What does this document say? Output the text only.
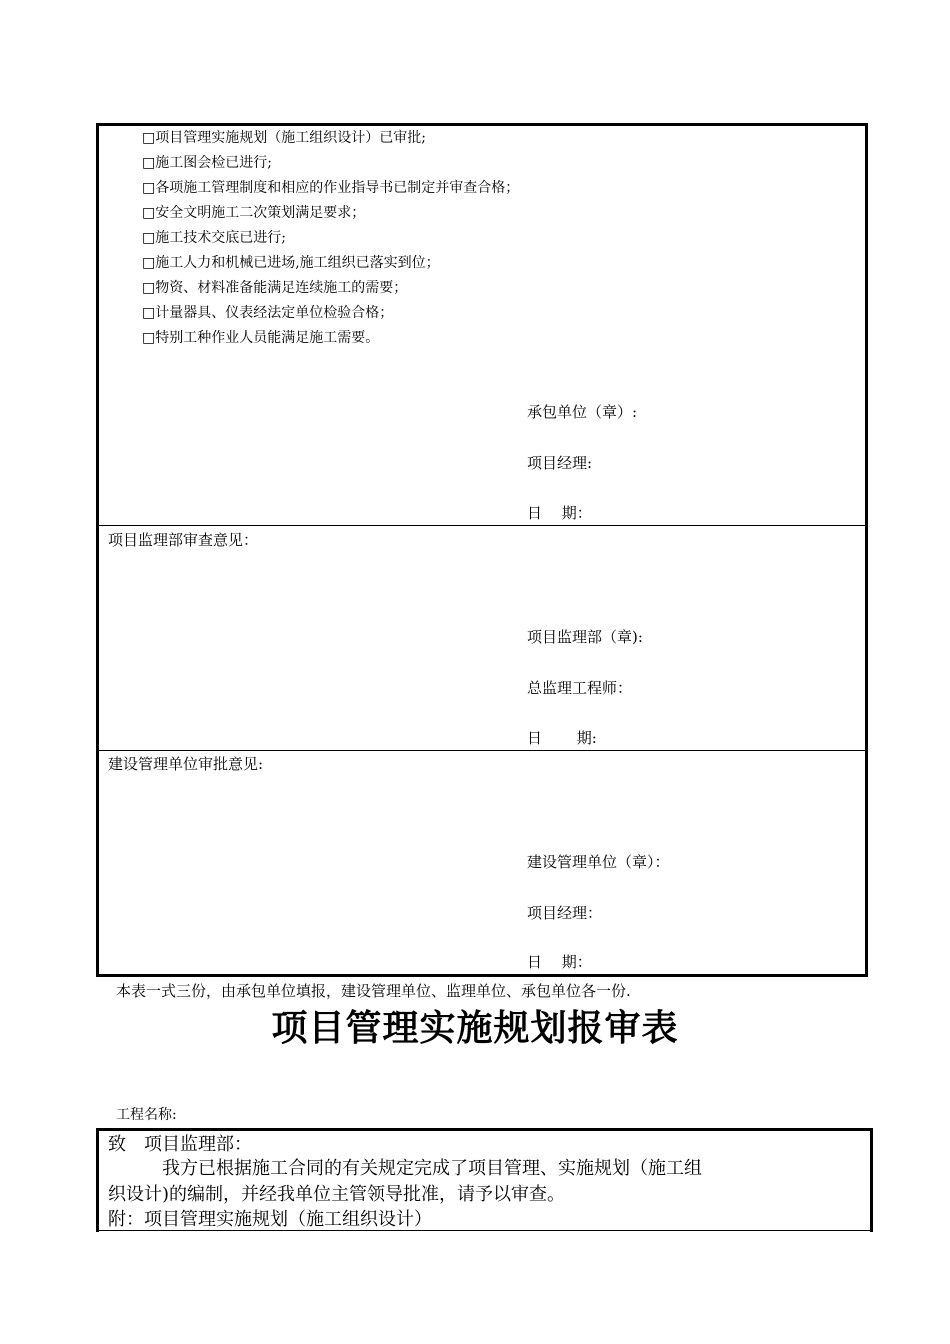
□项目管理实施规划（施工组织设计）已审批;
□施工图会检已进行;
□各项施工管理制度和相应的作业指导书已制定并审查合格；
□安全文明施工二次策划满足要求；
□施工技术交底已进行;
□施工人力和机械已进场,施工组织已落实到位；
□物资、材料准备能满足连续施工的需要；
□计量器具、仪表经法定单位检验合格；
□特别工种作业人员能满足施工需要。
承包单位（章）:
项目经理:
日　 期：
项目监理部审查意见：
项目监理部（章):
总监理工程师：
日　　 期:
建设管理单位审批意见:
建设管理单位（章）：
项目经理：
日　 期：
本表一式三份，由承包单位填报，建设管理单位、监理单位、承包单位各一份.
项目管理实施规划报审表
工程名称:
致　项目监理部：
　　　我方已根据施工合同的有关规定完成了项目管理、实施规划（施工组
织设计)的编制，并经我单位主管领导批准，请予以审查。
附：项目管理实施规划（施工组织设计）
